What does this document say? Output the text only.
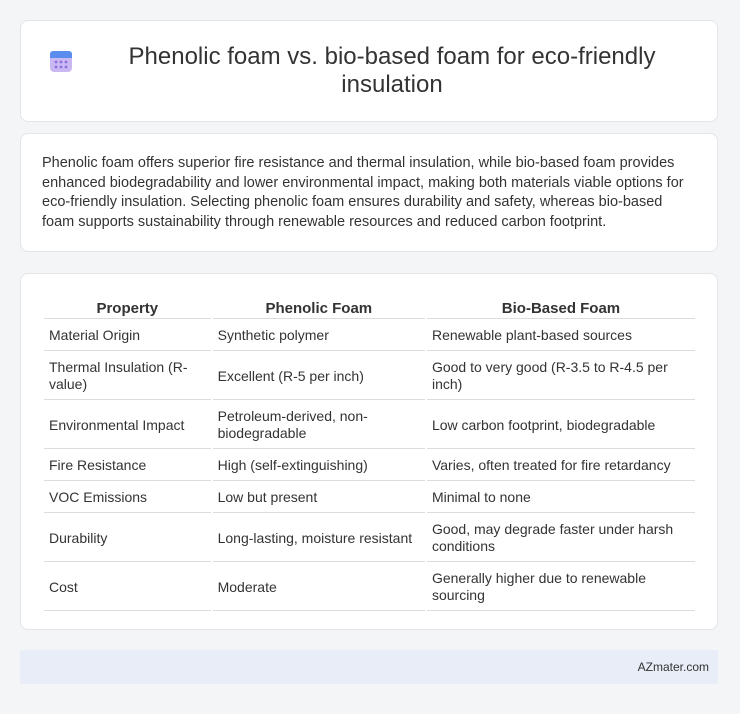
Phenolic foam vs. bio-based foam for eco-friendly insulation

Phenolic foam offers superior fire resistance and thermal insulation, while bio-based foam provides enhanced biodegradability and lower environmental impact, making both materials viable options for eco-friendly insulation. Selecting phenolic foam ensures durability and safety, whereas bio-based foam supports sustainability through renewable resources and reduced carbon footprint.

Property	Phenolic Foam	Bio-Based Foam
Material Origin	Synthetic polymer	Renewable plant-based sources
Thermal Insulation (R-value)	Excellent (R-5 per inch)	Good to very good (R-3.5 to R-4.5 per inch)
Environmental Impact	Petroleum-derived, non-biodegradable	Low carbon footprint, biodegradable
Fire Resistance	High (self-extinguishing)	Varies, often treated for fire retardancy
VOC Emissions	Low but present	Minimal to none
Durability	Long-lasting, moisture resistant	Good, may degrade faster under harsh conditions
Cost	Moderate	Generally higher due to renewable sourcing
AZmater.com
